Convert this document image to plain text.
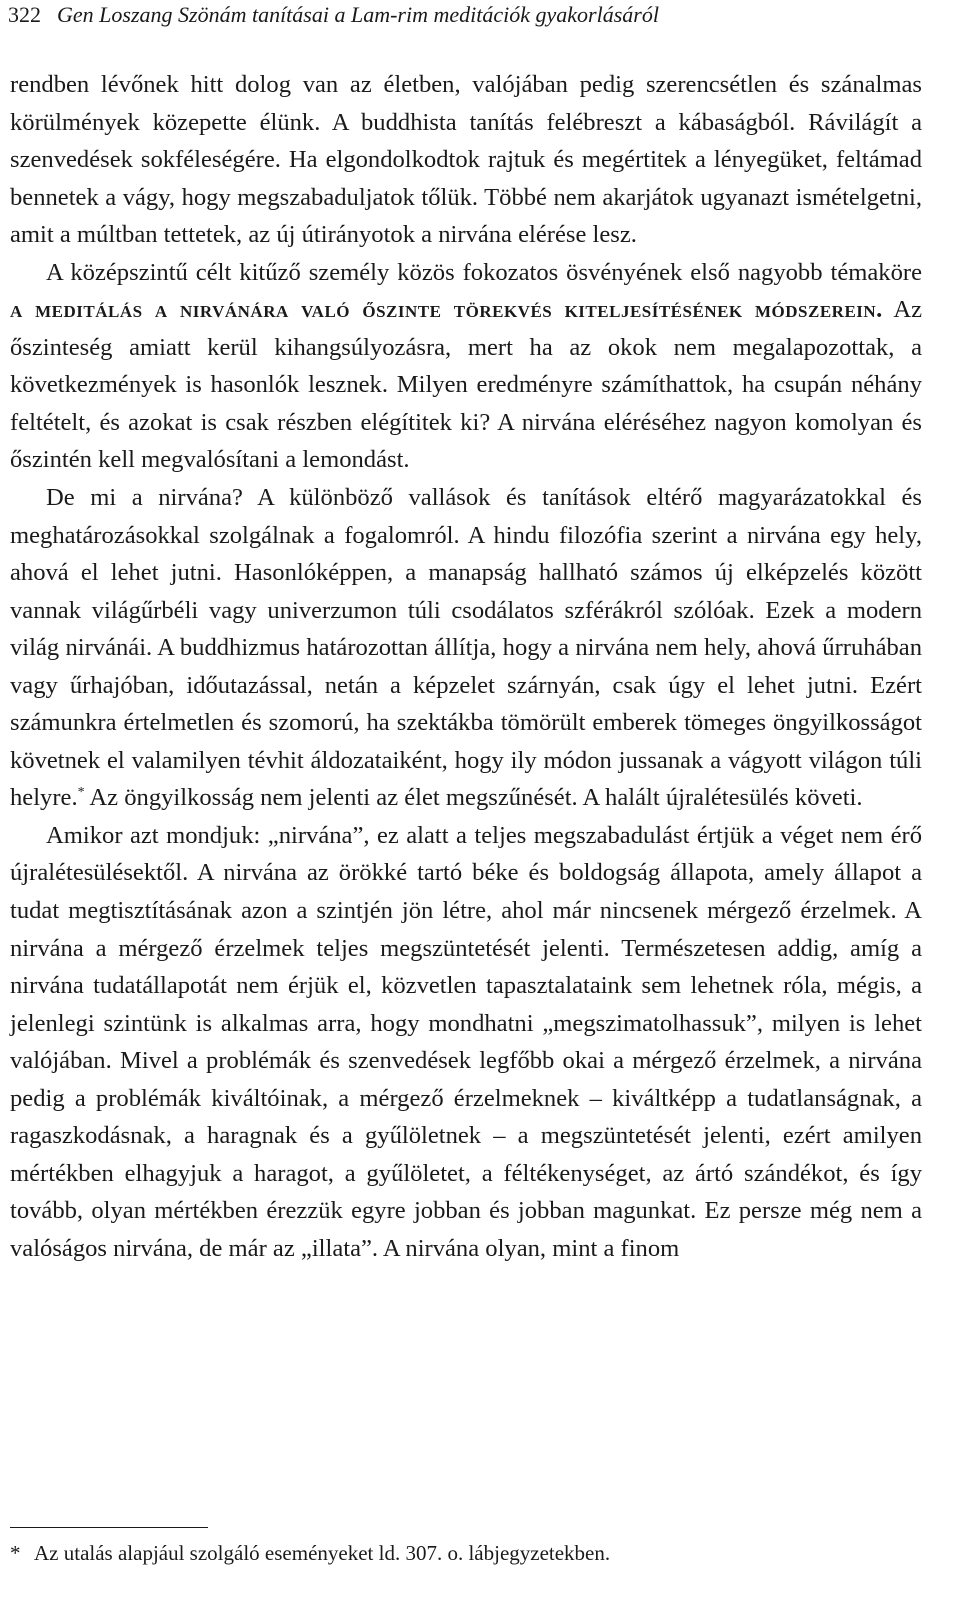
322 Gen Loszang Szönám tanításai a Lam-rim meditációk gyakorlásáról

rendben lévőnek hitt dolog van az életben, valójában pedig szerencsétlen és szánalmas körülmények közepette élünk. A buddhista tanítás felébreszt a kábaságból. Rávilágít a szenvedések sokféleségére. Ha elgondolkodtok rajtuk és megértitek a lényegüket, feltámad bennetek a vágy, hogy megszabaduljatok tőlük. Többé nem akarjátok ugyanazt ismételgetni, amit a múltban tettetek, az új útirányotok a nirvána elérése lesz.

A középszintű célt kitűző személy közös fokozatos ösvényének első nagyobb témaköre a meditálás a nirvánára való őszinte törekvés kiteljesítésének módszerein. Az őszinteség amiatt kerül kihangsúlyozásra, mert ha az okok nem megalapozottak, a következmények is hasonlók lesznek. Milyen eredményre számíthattok, ha csupán néhány feltételt, és azokat is csak részben elégítitek ki? A nirvána eléréséhez nagyon komolyan és őszintén kell megvalósítani a lemondást.

De mi a nirvána? A különböző vallások és tanítások eltérő magyarázatokkal és meghatározásokkal szolgálnak a fogalomról. A hindu filozófia szerint a nirvána egy hely, ahová el lehet jutni. Hasonlóképpen, a manapság hallható számos új elképzelés között vannak világűrbéli vagy univerzumon túli csodálatos szférákról szólóak. Ezek a modern világ nirvánái. A buddhizmus határozottan állítja, hogy a nirvána nem hely, ahová űrruhában vagy űrhajóban, időutazással, netán a képzelet szárnyán, csak úgy el lehet jutni. Ezért számunkra értelmetlen és szomorú, ha szektákba tömörült emberek tömeges öngyilkosságot követnek el valamilyen tévhit áldozataiként, hogy ily módon jussanak a vágyott világon túli helyre.* Az öngyilkosság nem jelenti az élet megszűnését. A halált újralétesülés követi.

Amikor azt mondjuk: „nirvána”, ez alatt a teljes megszabadulást értjük a véget nem érő újralétesülésektől. A nirvána az örökké tartó béke és boldogság állapota, amely állapot a tudat megtisztításának azon a szintjén jön létre, ahol már nincsenek mérgező érzelmek. A nirvána a mérgező érzelmek teljes megszüntetését jelenti. Természetesen addig, amíg a nirvána tudatállapotát nem érjük el, közvetlen tapasztalataink sem lehetnek róla, mégis, a jelenlegi szintünk is alkalmas arra, hogy mondhatni „megszimatolhassuk”, milyen is lehet valójában. Mivel a problémák és szenvedések legfőbb okai a mérgező érzelmek, a nirvána pedig a problémák kiváltóinak, a mérgező érzelmeknek – kiváltképp a tudatlanságnak, a ragaszkodásnak, a haragnak és a gyűlöletnek – a megszüntetését jelenti, ezért amilyen mértékben elhagyjuk a haragot, a gyűlöletet, a féltékenységet, az ártó szándékot, és így tovább, olyan mértékben érezzük egyre jobban és jobban magunkat. Ez persze még nem a valóságos nirvána, de már az „illata”. A nirvána olyan, mint a finom

* Az utalás alapjául szolgáló eseményeket ld. 307. o. lábjegyzetekben.
